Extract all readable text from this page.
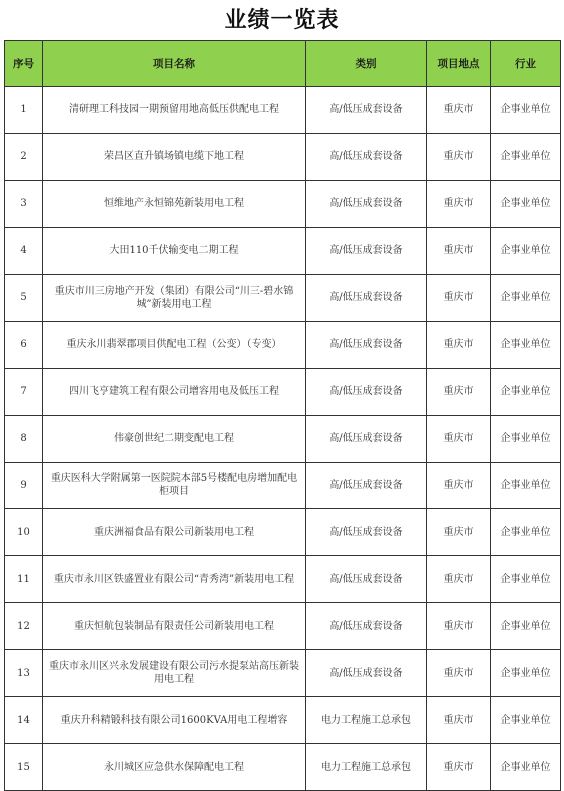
业绩一览表
序号	项目名称	类别	项目地点	行业
1	清研理工科技园一期预留用地高低压供配电工程	高/低压成套设备	重庆市	企事业单位
2	荣昌区直升镇场镇电缆下地工程	高/低压成套设备	重庆市	企事业单位
3	恒维地产永恒锦苑新装用电工程	高/低压成套设备	重庆市	企事业单位
4	大田110千伏输变电二期工程	高/低压成套设备	重庆市	企事业单位
5	重庆市川三房地产开发（集团）有限公司“川三-碧水锦城”新装用电工程	高/低压成套设备	重庆市	企事业单位
6	重庆永川翡翠郡项目供配电工程（公变）（专变）	高/低压成套设备	重庆市	企事业单位
7	四川飞亨建筑工程有限公司增容用电及低压工程	高/低压成套设备	重庆市	企事业单位
8	伟豪创世纪二期变配电工程	高/低压成套设备	重庆市	企事业单位
9	重庆医科大学附属第一医院院本部5号楼配电房增加配电柜项目	高/低压成套设备	重庆市	企事业单位
10	重庆洲福食品有限公司新装用电工程	高/低压成套设备	重庆市	企事业单位
11	重庆市永川区铁盛置业有限公司“青秀湾”新装用电工程	高/低压成套设备	重庆市	企事业单位
12	重庆恒航包装制品有限责任公司新装用电工程	高/低压成套设备	重庆市	企事业单位
13	重庆市永川区兴永发展建设有限公司污水提泵站高压新装用电工程	高/低压成套设备	重庆市	企事业单位
14	重庆升科精锻科技有限公司1600KVA用电工程增容	电力工程施工总承包	重庆市	企事业单位
15	永川城区应急供水保障配电工程	电力工程施工总承包	重庆市	企事业单位
